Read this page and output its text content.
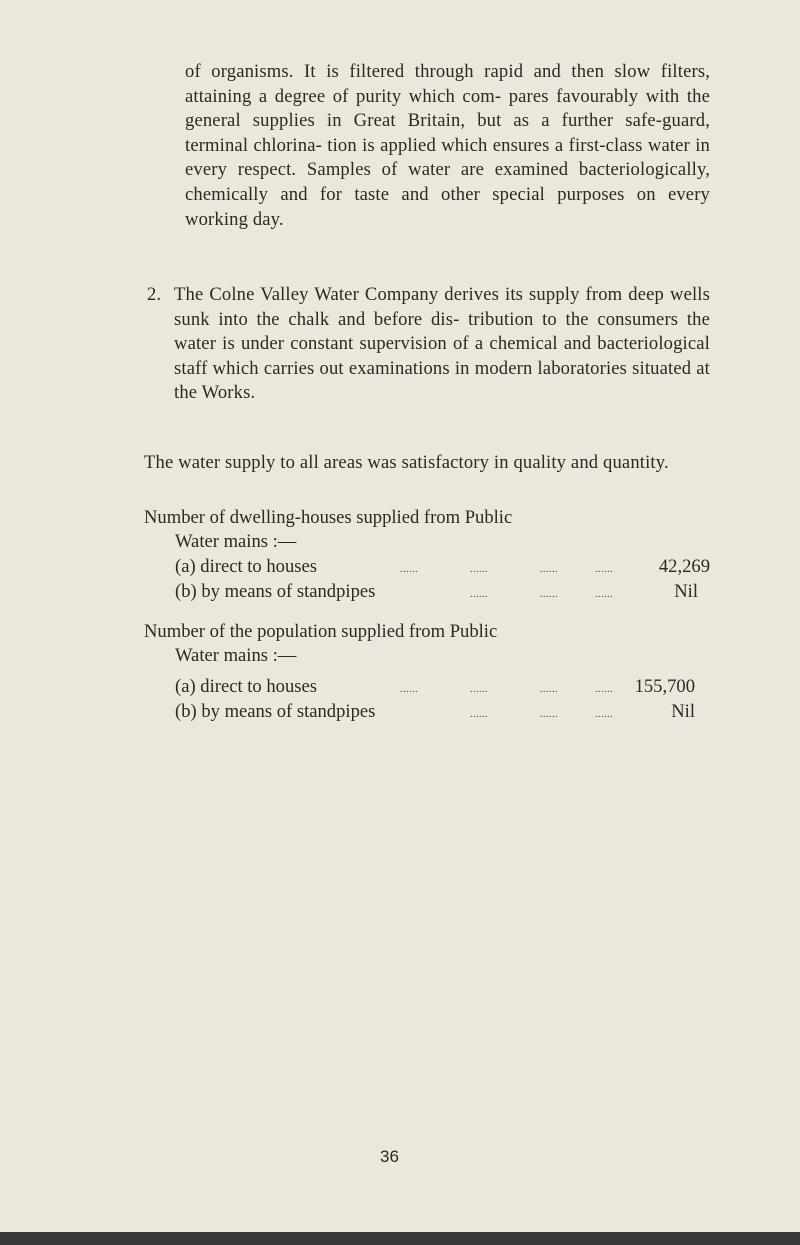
of organisms. It is filtered through rapid and then slow filters, attaining a degree of purity which com- pares favourably with the general supplies in Great Britain, but as a further safe-guard, terminal chlorina- tion is applied which ensures a first-class water in every respect. Samples of water are examined bacteriologically, chemically and for taste and other special purposes on every working day.
2. The Colne Valley Water Company derives its supply from deep wells sunk into the chalk and before dis- tribution to the consumers the water is under constant supervision of a chemical and bacteriological staff which carries out examinations in modern laboratories situated at the Works.
The water supply to all areas was satisfactory in quality and quantity.
Number of dwelling-houses supplied from Public
Water mains :—
(a) direct to houses	......	......	......	...... 42,269
(b) by means of standpipes	......	......	......	Nil
Number of the population supplied from Public
Water mains :—
(a) direct to houses	......	......	......	...... 155,700
(b) by means of standpipes	......	......	......	Nil
36
